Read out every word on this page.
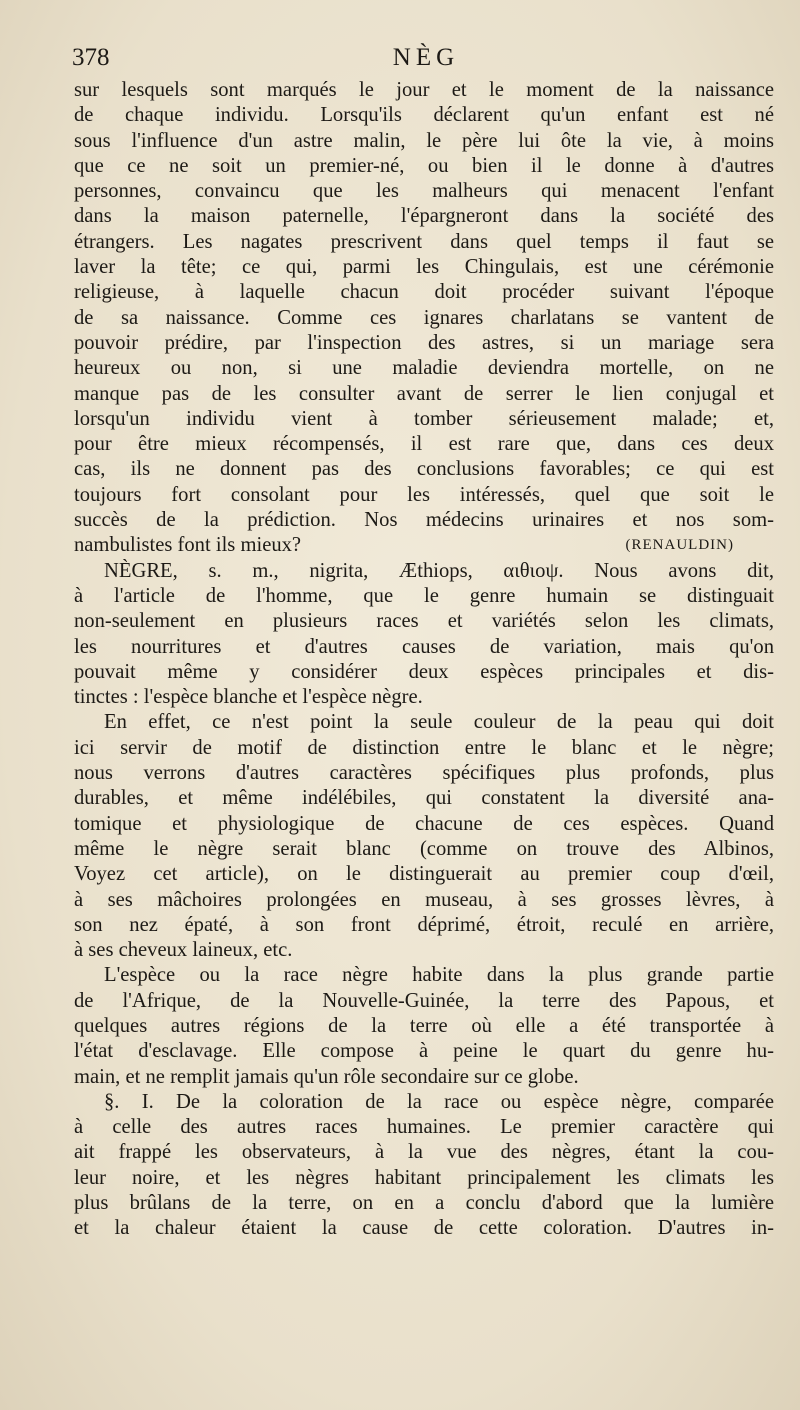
378	NÈG
sur lesquels sont marqués le jour et le moment de la naissance
de chaque individu. Lorsqu'ils déclarent qu'un enfant est né
sous l'influence d'un astre malin, le père lui ôte la vie, à moins
que ce ne soit un premier-né, ou bien il le donne à d'autres
personnes, convaincu que les malheurs qui menacent l'enfant
dans la maison paternelle, l'épargneront dans la société des
étrangers. Les nagates prescrivent dans quel temps il faut se
laver la tête; ce qui, parmi les Chingulais, est une cérémonie
religieuse, à laquelle chacun doit procéder suivant l'époque
de sa naissance. Comme ces ignares charlatans se vantent de
pouvoir prédire, par l'inspection des astres, si un mariage sera
heureux ou non, si une maladie deviendra mortelle, on ne
manque pas de les consulter avant de serrer le lien conjugal et
lorsqu'un individu vient à tomber sérieusement malade; et,
pour être mieux récompensés, il est rare que, dans ces deux
cas, ils ne donnent pas des conclusions favorables; ce qui est
toujours fort consolant pour les intéressés, quel que soit le
succès de la prédiction. Nos médecins urinaires et nos som-
nambulistes font ils mieux?	(RENAULDIN)
NÈGRE, s. m., nigrita, Æthiops, αιθιοψ. Nous avons dit,
à l'article de l'homme, que le genre humain se distinguait
non-seulement en plusieurs races et variétés selon les climats,
les nourritures et d'autres causes de variation, mais qu'on
pouvait même y considérer deux espèces principales et dis-
tinctes : l'espèce blanche et l'espèce nègre.
En effet, ce n'est point la seule couleur de la peau qui doit
ici servir de motif de distinction entre le blanc et le nègre;
nous verrons d'autres caractères spécifiques plus profonds, plus
durables, et même indélébiles, qui constatent la diversité ana-
tomique et physiologique de chacune de ces espèces. Quand
même le nègre serait blanc (comme on trouve des Albinos,
Voyez cet article), on le distinguerait au premier coup d'œil,
à ses mâchoires prolongées en museau, à ses grosses lèvres, à
son nez épaté, à son front déprimé, étroit, reculé en arrière,
à ses cheveux laineux, etc.
L'espèce ou la race nègre habite dans la plus grande partie
de l'Afrique, de la Nouvelle-Guinée, la terre des Papous, et
quelques autres régions de la terre où elle a été transportée à
l'état d'esclavage. Elle compose à peine le quart du genre hu-
main, et ne remplit jamais qu'un rôle secondaire sur ce globe.
§. I. De la coloration de la race ou espèce nègre, comparée
à celle des autres races humaines. Le premier caractère qui
ait frappé les observateurs, à la vue des nègres, étant la cou-
leur noire, et les nègres habitant principalement les climats les
plus brûlans de la terre, on en a conclu d'abord que la lumière
et la chaleur étaient la cause de cette coloration. D'autres in-
